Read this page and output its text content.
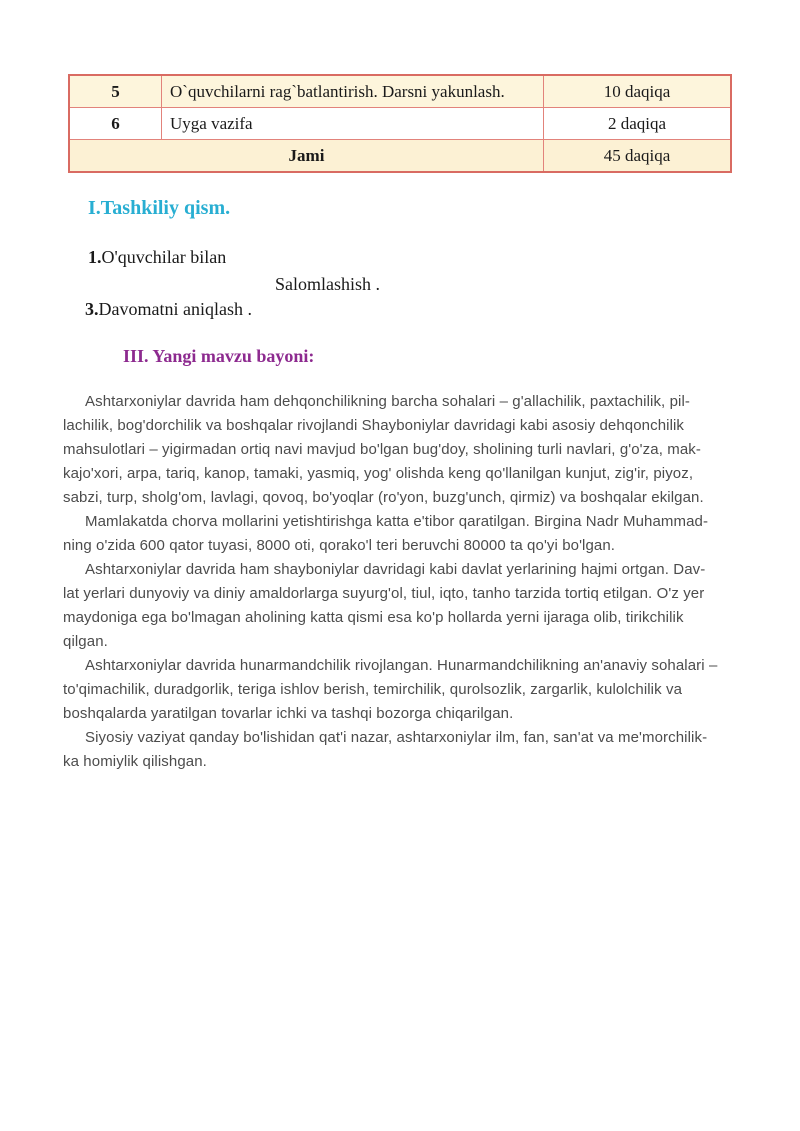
5	O`quvchilarni rag`batlantirish. Darsni yakunlash.	10 daqiqa
6	Uyga vazifa	2 daqiqa
Jami		45 daqiqa
I.Tashkiliy qism.
1.O'quvchilar bilan
Salomlashish .
3.Davomatni aniqlash .
III. Yangi mavzu bayoni:
Ashtarxoniylar davrida ham dehqonchilikning barcha sohalari – g'allachilik, paxtachilik, pil-
lachilik, bog'dorchilik va boshqalar rivojlandi Shayboniylar davridagi kabi asosiy dehqonchilik
mahsulotlari – yigirmadan ortiq navi mavjud bo'lgan bug'doy, sholining turli navlari, g'o'za, mak-
kajo'xori, arpa, tariq, kanop, tamaki, yasmiq, yog' olishda keng qo'llanilgan kunjut, zig'ir, piyoz,
sabzi, turp, sholg'om, lavlagi, qovoq, bo'yoqlar (ro'yon, buzg'unch, qirmiz) va boshqalar ekilgan.
Mamlakatda chorva mollarini yetishtirishga katta e'tibor qaratilgan. Birgina Nadr Muhammad-
ning o'zida 600 qator tuyasi, 8000 oti, qorako'l teri beruvchi 80000 ta qo'yi bo'lgan.
Ashtarxoniylar davrida ham shayboniylar davridagi kabi davlat yerlarining hajmi ortgan. Dav-
lat yerlari dunyoviy va diniy amaldorlarga suyurg'ol, tiul, iqto, tanho tarzida tortiq etilgan. O'z yer
maydoniga ega bo'lmagan aholining katta qismi esa ko'p hollarda yerni ijaraga olib, tirikchilik
qilgan.
Ashtarxoniylar davrida hunarmandchilik rivojlangan. Hunarmandchilikning an'anaviy sohalari –
to'qimachilik, duradgorlik, teriga ishlov berish, temirchilik, qurolsozlik, zargarlik, kulolchilik va
boshqalarda yaratilgan tovarlar ichki va tashqi bozorga chiqarilgan.
Siyosiy vaziyat qanday bo'lishidan qat'i nazar, ashtarxoniylar ilm, fan, san'at va me'morchilik-
ka homiylik qilishgan.
